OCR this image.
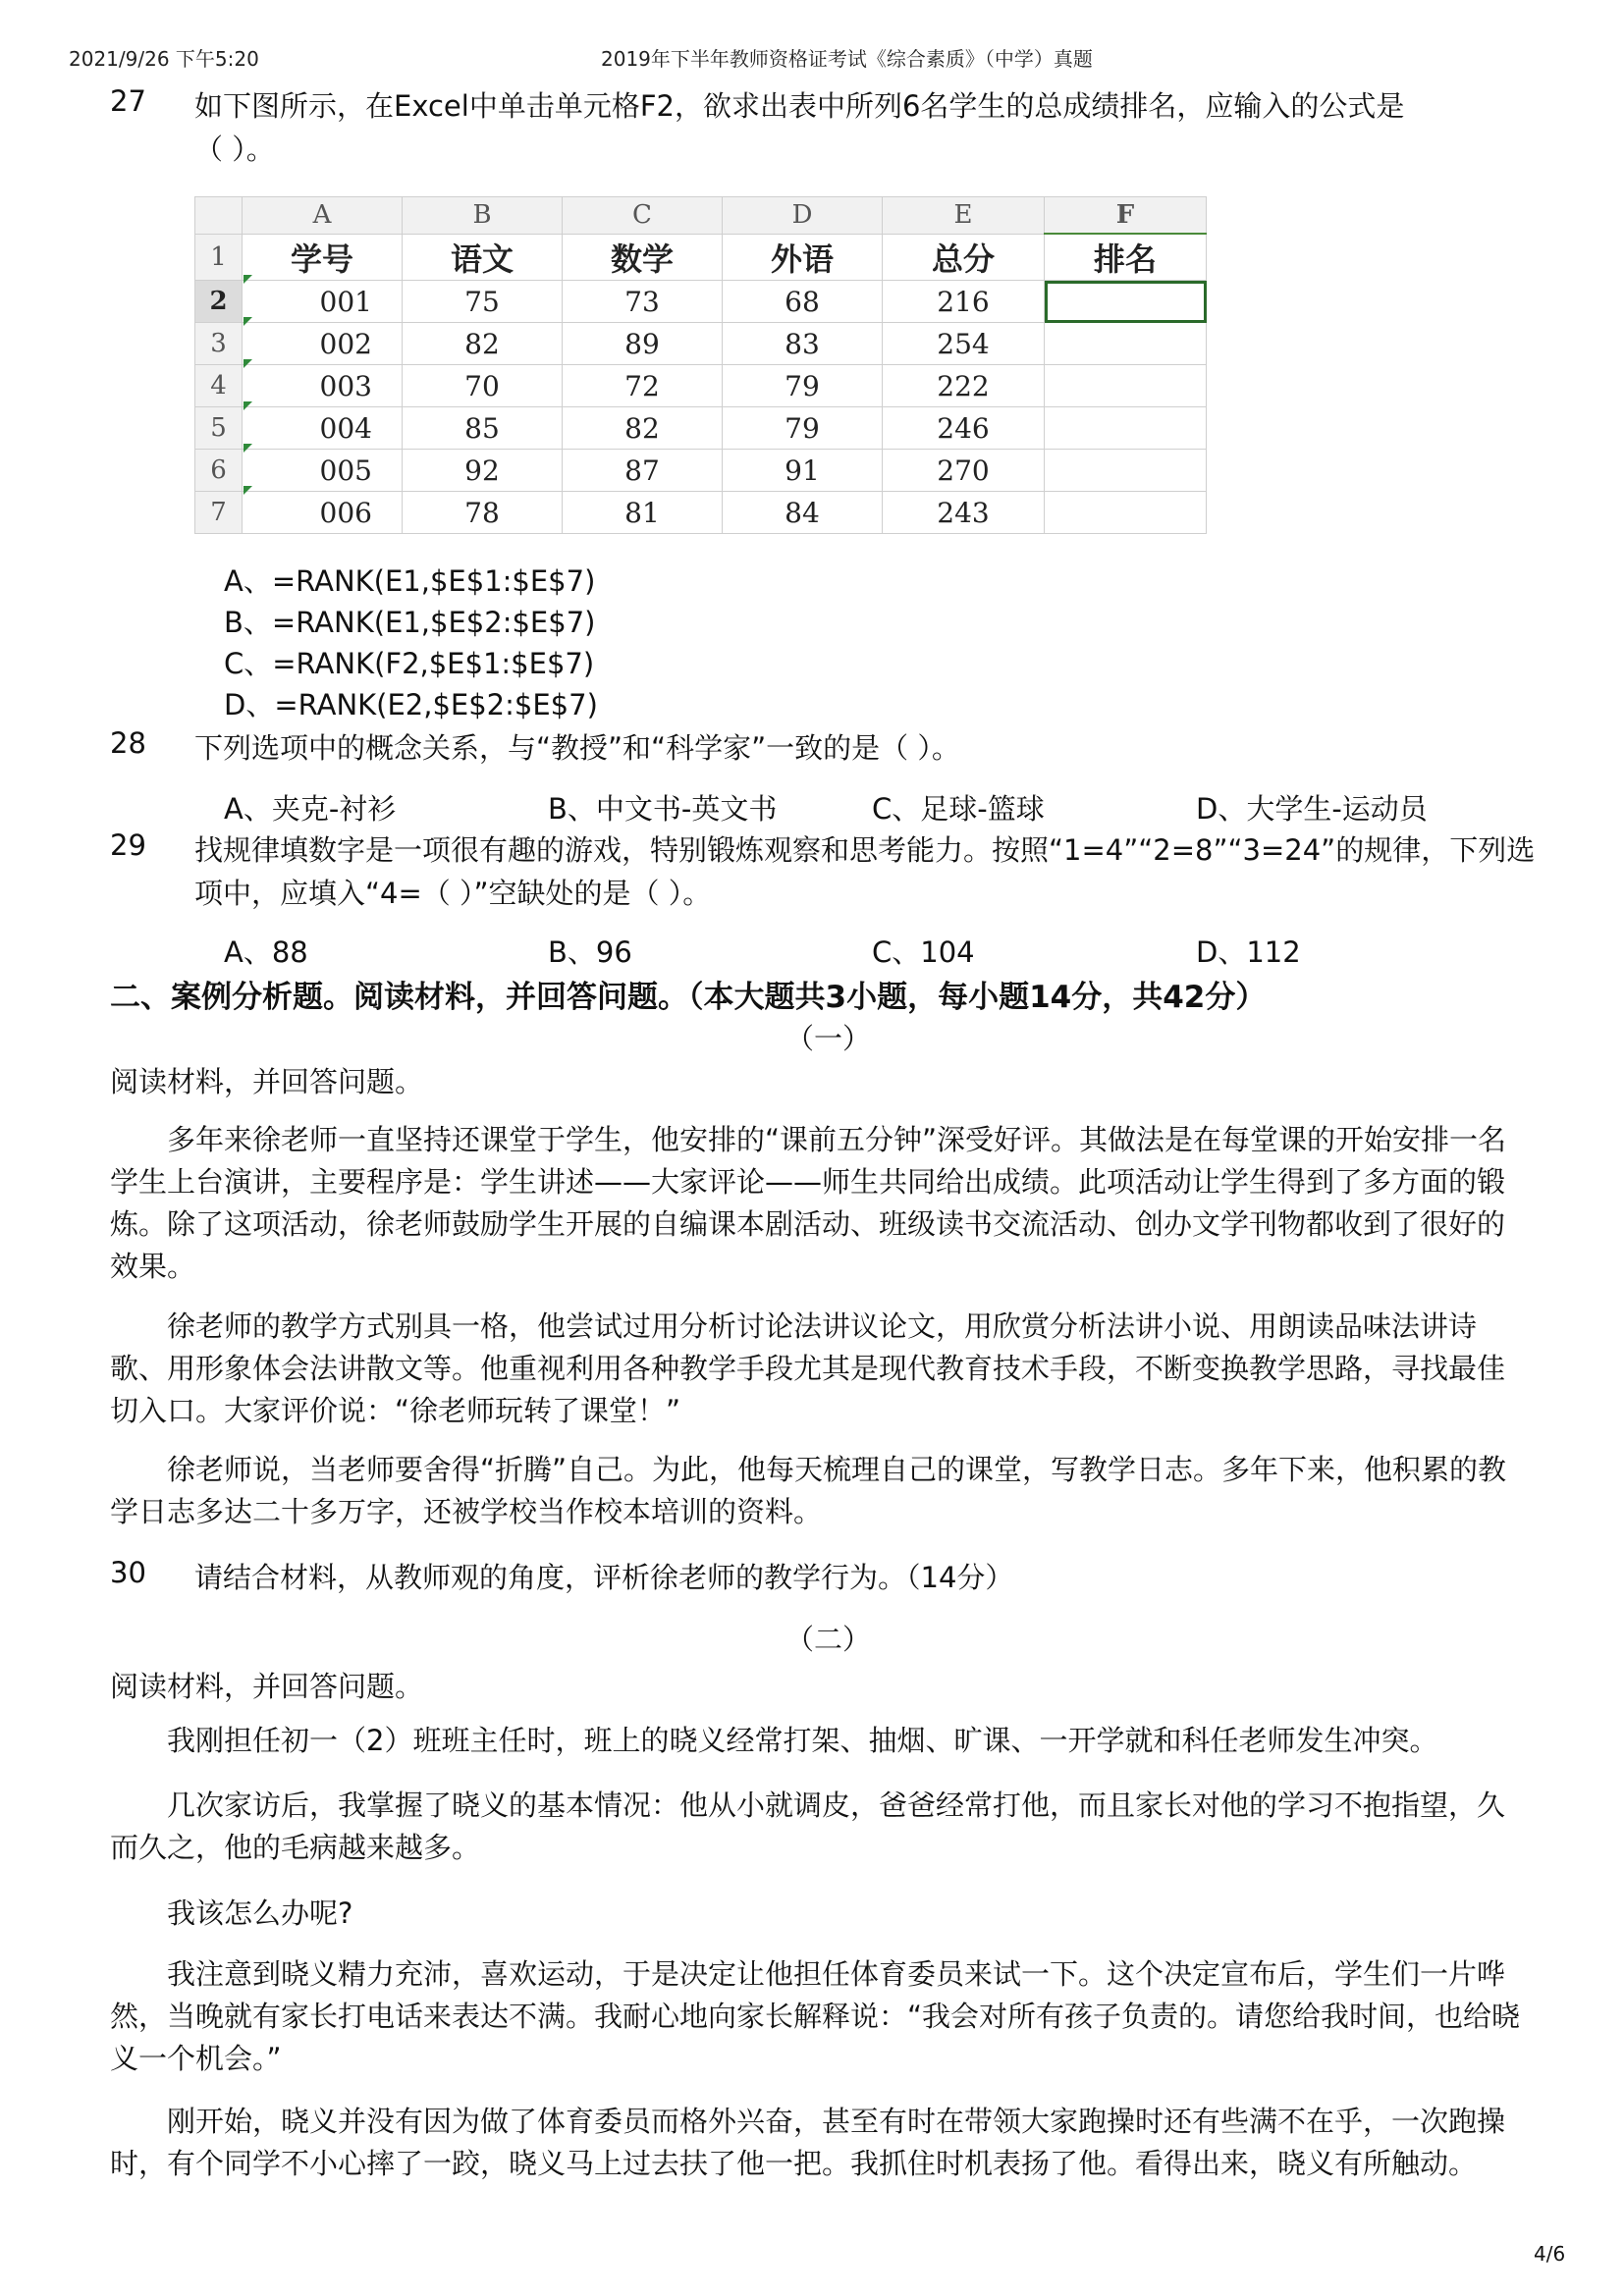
2021/9/26 下午5:20	2019年下半年教师资格证考试《综合素质》（中学）真题
27 如下图所示，在Excel中单击单元格F2，欲求出表中所列6名学生的总成绩排名，应输入的公式是
（ ）。
	A	B	C	D	E	F
1	学号	语文	数学	外语	总分	排名
2	001	75	73	68	216	
3	002	82	89	83	254	
4	003	70	72	79	222	
5	004	85	82	79	246	
6	005	92	87	91	270	
7	006	78	81	84	243	
A、=RANK(E1,$E$1:$E$7)
B、=RANK(E1,$E$2:$E$7)
C、=RANK(F2,$E$1:$E$7)
D、=RANK(E2,$E$2:$E$7)
28 下列选项中的概念关系，与“教授”和“科学家”一致的是（ ）。
A、夹克-衬衫	B、中文书-英文书	C、足球-篮球	D、大学生-运动员
29 找规律填数字是一项很有趣的游戏，特别锻炼观察和思考能力。按照“1=4”“2=8”“3=24”的规律，下列选
项中，应填入“4=（ ）”空缺处的是（ ）。
A、88	B、96	C、104	D、112
二、案例分析题。阅读材料，并回答问题。（本大题共3小题，每小题14分，共42分）
（一）
阅读材料，并回答问题。
多年来徐老师一直坚持还课堂于学生，他安排的“课前五分钟”深受好评。其做法是在每堂课的开始安排一名学生上台演讲，主要程序是：学生讲述——大家评论——师生共同给出成绩。此项活动让学生得到了多方面的锻炼。除了这项活动，徐老师鼓励学生开展的自编课本剧活动、班级读书交流活动、创办文学刊物都收到了很好的效果。
徐老师的教学方式别具一格，他尝试过用分析讨论法讲议论文，用欣赏分析法讲小说、用朗读品味法讲诗歌、用形象体会法讲散文等。他重视利用各种教学手段尤其是现代教育技术手段，不断变换教学思路，寻找最佳切入口。大家评价说：“徐老师玩转了课堂！”
徐老师说，当老师要舍得“折腾”自己。为此，他每天梳理自己的课堂，写教学日志。多年下来，他积累的教学日志多达二十多万字，还被学校当作校本培训的资料。
30 请结合材料，从教师观的角度，评析徐老师的教学行为。（14分）
（二）
阅读材料，并回答问题。
我刚担任初一（2）班班主任时，班上的晓义经常打架、抽烟、旷课、一开学就和科任老师发生冲突。
几次家访后，我掌握了晓义的基本情况：他从小就调皮，爸爸经常打他，而且家长对他的学习不抱指望，久而久之，他的毛病越来越多。
我该怎么办呢?
我注意到晓义精力充沛，喜欢运动，于是决定让他担任体育委员来试一下。这个决定宣布后，学生们一片哗然，当晚就有家长打电话来表达不满。我耐心地向家长解释说：“我会对所有孩子负责的。请您给我时间，也给晓义一个机会。”
刚开始，晓义并没有因为做了体育委员而格外兴奋，甚至有时在带领大家跑操时还有些满不在乎，一次跑操时，有个同学不小心摔了一跤，晓义马上过去扶了他一把。我抓住时机表扬了他。看得出来，晓义有所触动。
4/6
